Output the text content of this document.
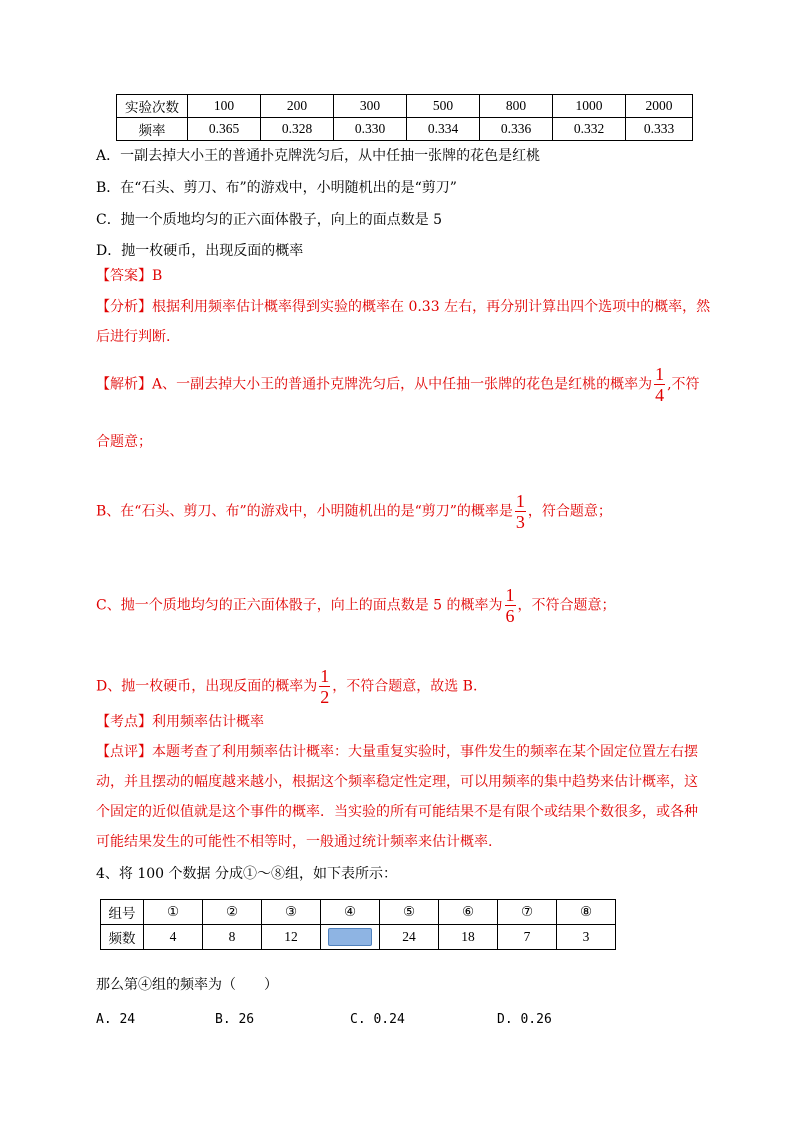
实验次数	100	200	300	500	800	1000	2000
频率	0.365	0.328	0.330	0.334	0.336	0.332	0.333
A．一副去掉大小王的普通扑克牌洗匀后，从中任抽一张牌的花色是红桃
B．在“石头、剪刀、布”的游戏中，小明随机出的是“剪刀”
C．抛一个质地均匀的正六面体骰子，向上的面点数是 5
D．抛一枚硬币，出现反面的概率
【答案】B
【分析】根据利用频率估计概率得到实验的概率在 0.33 左右，再分别计算出四个选项中的概率，然
后进行判断.
【解析】A、一副去掉大小王的普通扑克牌洗匀后，从中任抽一张牌的花色是红桃的概率为 $\frac{1}{4}$ ,不符
合题意；
B、在“石头、剪刀、布”的游戏中，小明随机出的是“剪刀”的概率是 $\frac{1}{3}$ ，符合题意；
C、抛一个质地均匀的正六面体骰子，向上的面点数是 5 的概率为 $\frac{1}{6}$ ，不符合题意；
D、抛一枚硬币，出现反面的概率为 $\frac{1}{2}$ ，不符合题意，故选 B.
【考点】利用频率估计概率
【点评】本题考查了利用频率估计概率：大量重复实验时，事件发生的频率在某个固定位置左右摆
动，并且摆动的幅度越来越小，根据这个频率稳定性定理，可以用频率的集中趋势来估计概率，这
个固定的近似值就是这个事件的概率．当实验的所有可能结果不是有限个或结果个数很多，或各种
可能结果发生的可能性不相等时，一般通过统计频率来估计概率.
4、将 100 个数据 分成①～⑧组，如下表所示：
组号	①	②	③	④	⑤	⑥	⑦	⑧
频数	4	8	12		24	18	7	3
那么第④组的频率为（　　）
A. 24	B. 26	C. 0.24	D. 0.26
